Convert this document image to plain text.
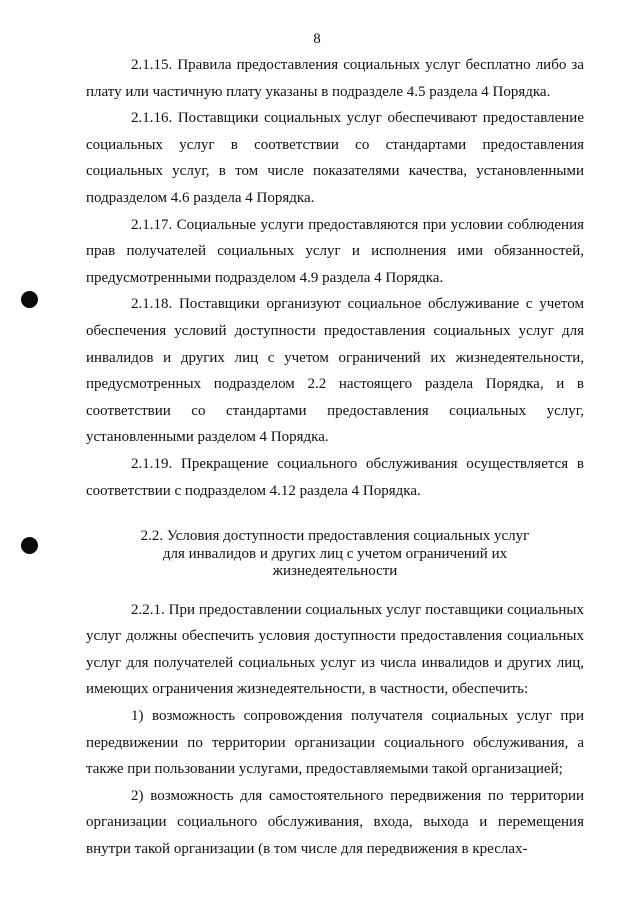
8

2.1.15. Правила предоставления социальных услуг бесплатно либо за плату или частичную плату указаны в подразделе 4.5 раздела 4 Порядка.

2.1.16. Поставщики социальных услуг обеспечивают предоставление социальных услуг в соответствии со стандартами предоставления социальных услуг, в том числе показателями качества, установленными подразделом 4.6 раздела 4 Порядка.

2.1.17. Социальные услуги предоставляются при условии соблюдения прав получателей социальных услуг и исполнения ими обязанностей, предусмотренными подразделом 4.9 раздела 4 Порядка.

2.1.18. Поставщики организуют социальное обслуживание с учетом обеспечения условий доступности предоставления социальных услуг для инвалидов и других лиц с учетом ограничений их жизнедеятельности, предусмотренных подразделом 2.2 настоящего раздела Порядка, и в соответствии со стандартами предоставления социальных услуг, установленными разделом 4 Порядка.

2.1.19. Прекращение социального обслуживания осуществляется в соответствии с подразделом 4.12 раздела 4 Порядка.

2.2. Условия доступности предоставления социальных услуг
для инвалидов и других лиц с учетом ограничений их
жизнедеятельности

2.2.1. При предоставлении социальных услуг поставщики социальных услуг должны обеспечить условия доступности предоставления социальных услуг для получателей социальных услуг из числа инвалидов и других лиц, имеющих ограничения жизнедеятельности, в частности, обеспечить:

1) возможность сопровождения получателя социальных услуг при передвижении по территории организации социального обслуживания, а также при пользовании услугами, предоставляемыми такой организацией;

2) возможность для самостоятельного передвижения по территории организации социального обслуживания, входа, выхода и перемещения внутри такой организации (в том числе для передвижения в креслах-
